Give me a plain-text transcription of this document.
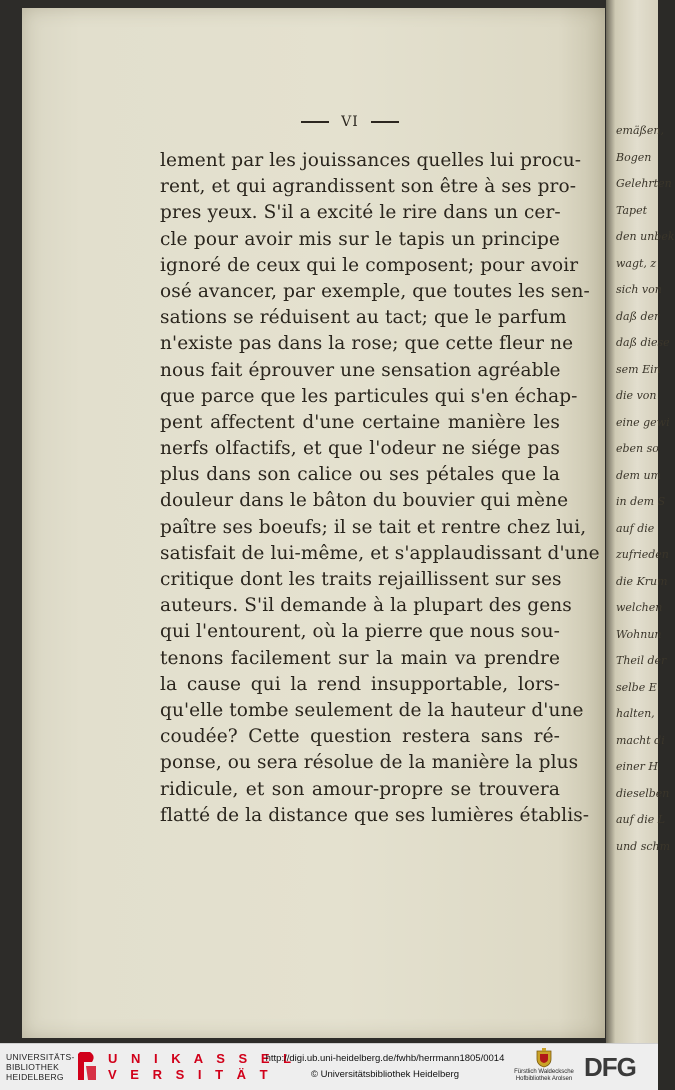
emäßen,
Bogen
Gelehrten
Tapet
den unbek
wagt, z
sich von
daß der
daß diese
sem Ein
die von
eine gewi
eben so
dem um
in dem S
auf die
zufrieden
die Krum
welchen
Wohnun
Theil der
selbe E
halten,
macht di
einer H
dieselben
auf die L
und schm
VI
lement par les jouissances quelles lui procu-
rent, et qui agrandissent son être à ses pro-
pres yeux. S'il a excité le rire dans un cer-
cle pour avoir mis sur le tapis un principe
ignoré de ceux qui le composent; pour avoir
osé avancer, par exemple, que toutes les sen-
sations se réduisent au tact; que le parfum
n'existe pas dans la rose; que cette fleur ne
nous fait éprouver une sensation agréable
que parce que les particules qui s'en échap-
pent affectent d'une certaine manière les
nerfs olfactifs, et que l'odeur ne siége pas
plus dans son calice ou ses pétales que la
douleur dans le bâton du bouvier qui mène
paître ses boeufs; il se tait et rentre chez lui,
satisfait de lui-même, et s'applaudissant d'une
critique dont les traits rejaillissent sur ses
auteurs. S'il demande à la plupart des gens
qui l'entourent, où la pierre que nous sou-
tenons facilement sur la main va prendre
la cause qui la rend insupportable, lors-
qu'elle tombe seulement de la hauteur d'une
coudée? Cette question restera sans ré-
ponse, ou sera résolue de la manière la plus
ridicule, et son amour-propre se trouvera
flatté de la distance que ses lumières établis-
UNIVERSITÄTS-
BIBLIOTHEK
HEIDELBERG
U N I K A S S E L
V E R S I T Ä T
http://digi.ub.uni-heidelberg.de/fwhb/herrmann1805/0014
© Universitätsbibliothek Heidelberg	Fürstlich Waldecksche
Hofbibliothek Arolsen DFG
